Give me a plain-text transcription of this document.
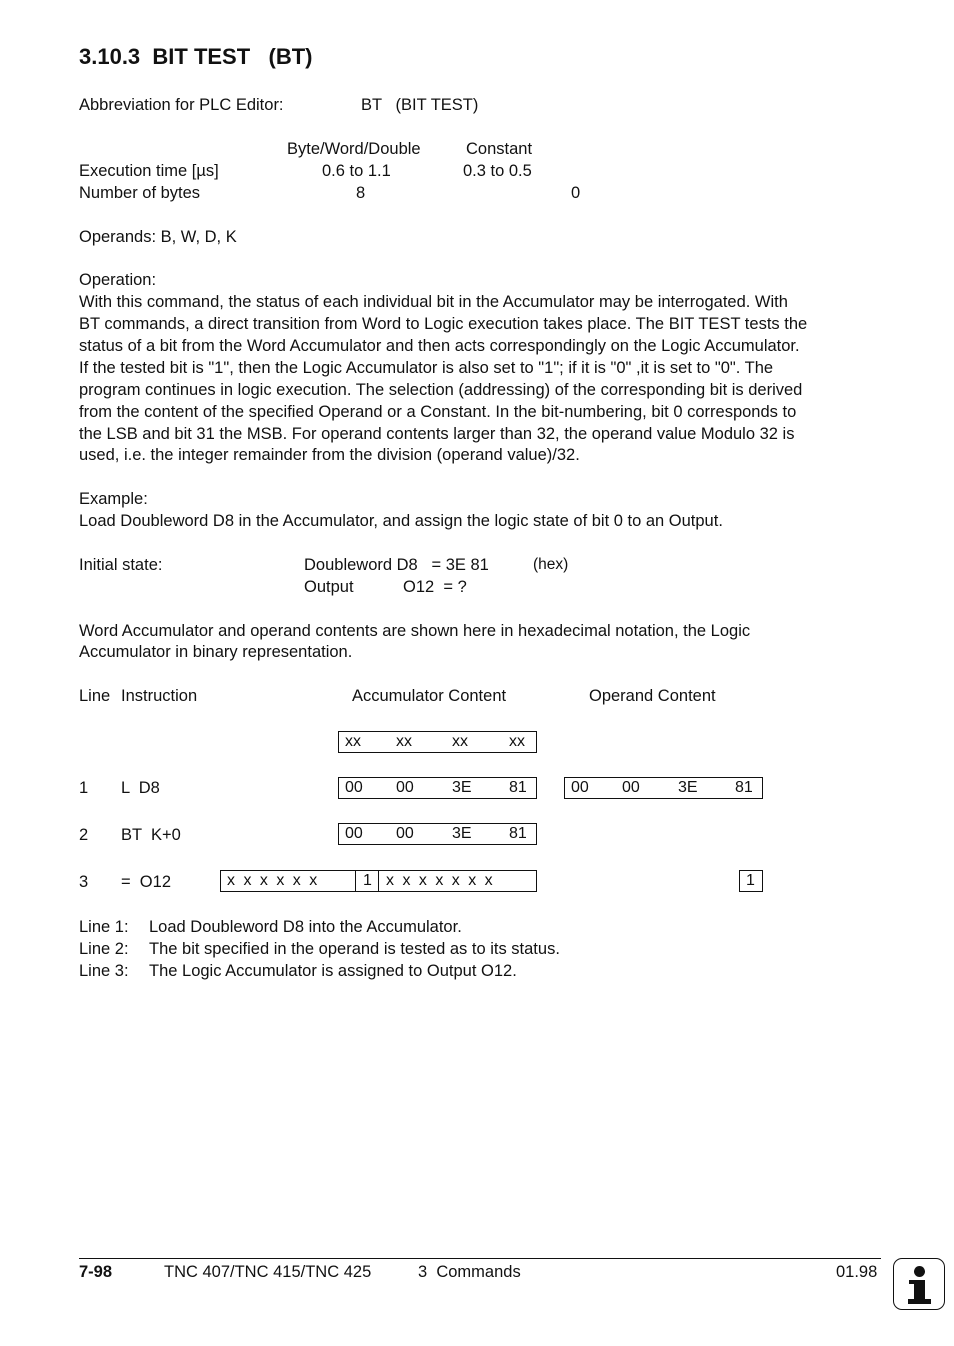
3.10.3  BIT TEST   (BT)
Abbreviation for PLC Editor:	BT   (BIT TEST)
Byte/Word/Double	Constant
Execution time [µs]	0.6 to 1.1	0.3 to 0.5
Number of bytes	8	0
Operands: B, W, D, K
Operation:
With this command, the status of each individual bit in the Accumulator may be interrogated. With
BT commands, a direct transition from Word to Logic execution takes place. The BIT TEST tests the
status of a bit from the Word Accumulator and then acts correspondingly on the Logic Accumulator.
If the tested bit is "1", then the Logic Accumulator is also set to "1"; if it is "0" ,it is set to "0". The
program continues in logic execution. The selection (addressing) of the corresponding bit is derived
from the content of the specified Operand or a Constant. In the bit-numbering, bit 0 corresponds to
the LSB and bit 31 the MSB. For operand contents larger than 32, the operand value Modulo 32 is
used, i.e. the integer remainder from the division (operand value)/32.
Example:
Load Doubleword D8 in the Accumulator, and assign the logic state of bit 0 to an Output.
Initial state:	Doubleword D8   = 3E 81	(hex)
Output	O12  = ?
Word Accumulator and operand contents are shown here in hexadecimal notation, the Logic
Accumulator in binary representation.
Line Instruction	Accumulator Content	Operand Content
xx xx	xx	xx
1 L  D8	00 00 3E 81	00 00 3E 81
2 BT  K+0	00 00 3E 81
3 =  O12	x x x x x x	1 x x x x x x x	1
Line 1: Load Doubleword D8 into the Accumulator.
Line 2: The bit specified in the operand is tested as to its status.
Line 3: The Logic Accumulator is assigned to Output O12.
7-98	TNC 407/TNC 415/TNC 425	3  Commands	01.98
